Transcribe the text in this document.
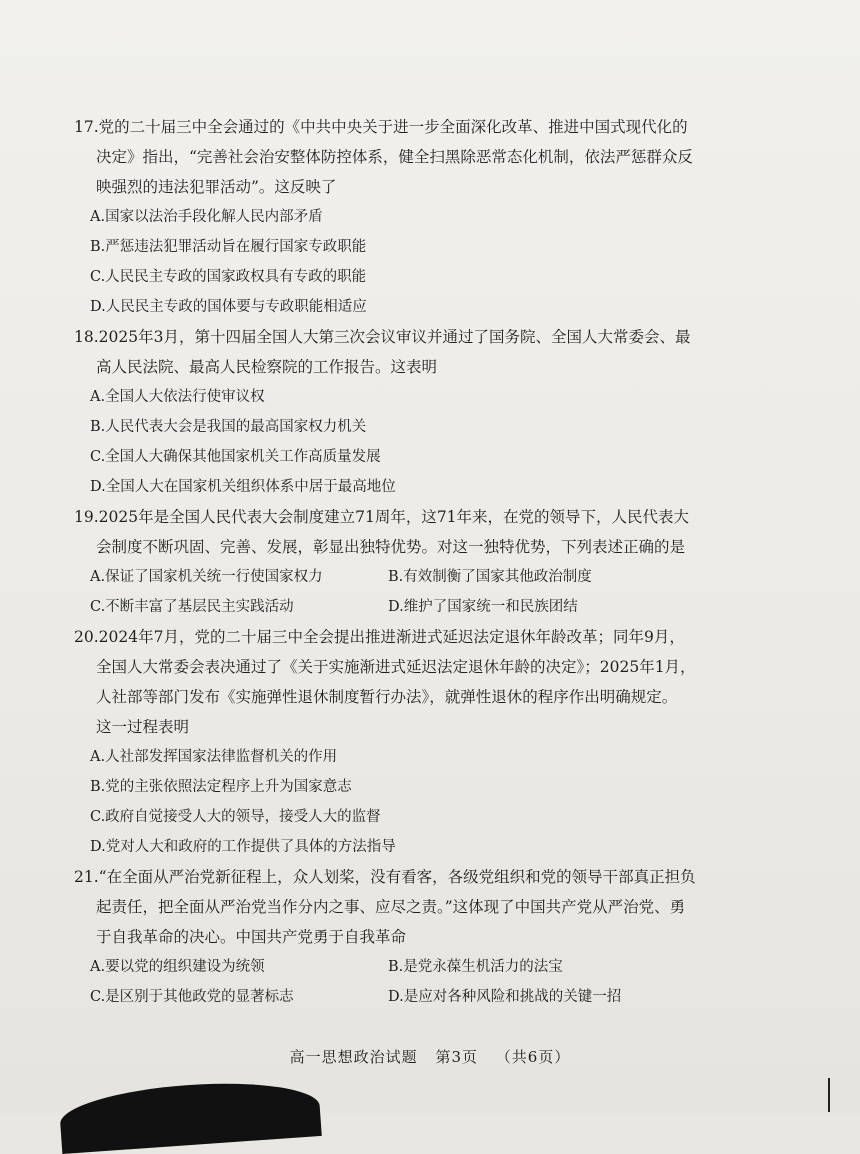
17.党的二十届三中全会通过的《中共中央关于进一步全面深化改革、推进中国式现代化的

决定》指出，“完善社会治安整体防控体系，健全扫黑除恶常态化机制，依法严惩群众反

映强烈的违法犯罪活动”。这反映了

A.国家以法治手段化解人民内部矛盾

B.严惩违法犯罪活动旨在履行国家专政职能

C.人民民主专政的国家政权具有专政的职能

D.人民民主专政的国体要与专政职能相适应

18.2025年3月，第十四届全国人大第三次会议审议并通过了国务院、全国人大常委会、最

高人民法院、最高人民检察院的工作报告。这表明

A.全国人大依法行使审议权

B.人民代表大会是我国的最高国家权力机关

C.全国人大确保其他国家机关工作高质量发展

D.全国人大在国家机关组织体系中居于最高地位

19.2025年是全国人民代表大会制度建立71周年，这71年来，在党的领导下，人民代表大

会制度不断巩固、完善、发展，彰显出独特优势。对这一独特优势，下列表述正确的是

A.保证了国家机关统一行使国家权力	B.有效制衡了国家其他政治制度
C.不断丰富了基层民主实践活动	D.维护了国家统一和民族团结

20.2024年7月，党的二十届三中全会提出推进渐进式延迟法定退休年龄改革；同年9月，

全国人大常委会表决通过了《关于实施渐进式延迟法定退休年龄的决定》；2025年1月，

人社部等部门发布《实施弹性退休制度暂行办法》，就弹性退休的程序作出明确规定。

这一过程表明

A.人社部发挥国家法律监督机关的作用

B.党的主张依照法定程序上升为国家意志

C.政府自觉接受人大的领导，接受人大的监督

D.党对人大和政府的工作提供了具体的方法指导

21.“在全面从严治党新征程上，众人划桨，没有看客，各级党组织和党的领导干部真正担负

起责任，把全面从严治党当作分内之事、应尽之责。”这体现了中国共产党从严治党、勇

于自我革命的决心。中国共产党勇于自我革命

A.要以党的组织建设为统领	B.是党永葆生机活力的法宝
C.是区别于其他政党的显著标志	D.是应对各种风险和挑战的关键一招
高一思想政治试题 第3页 （共6页）
